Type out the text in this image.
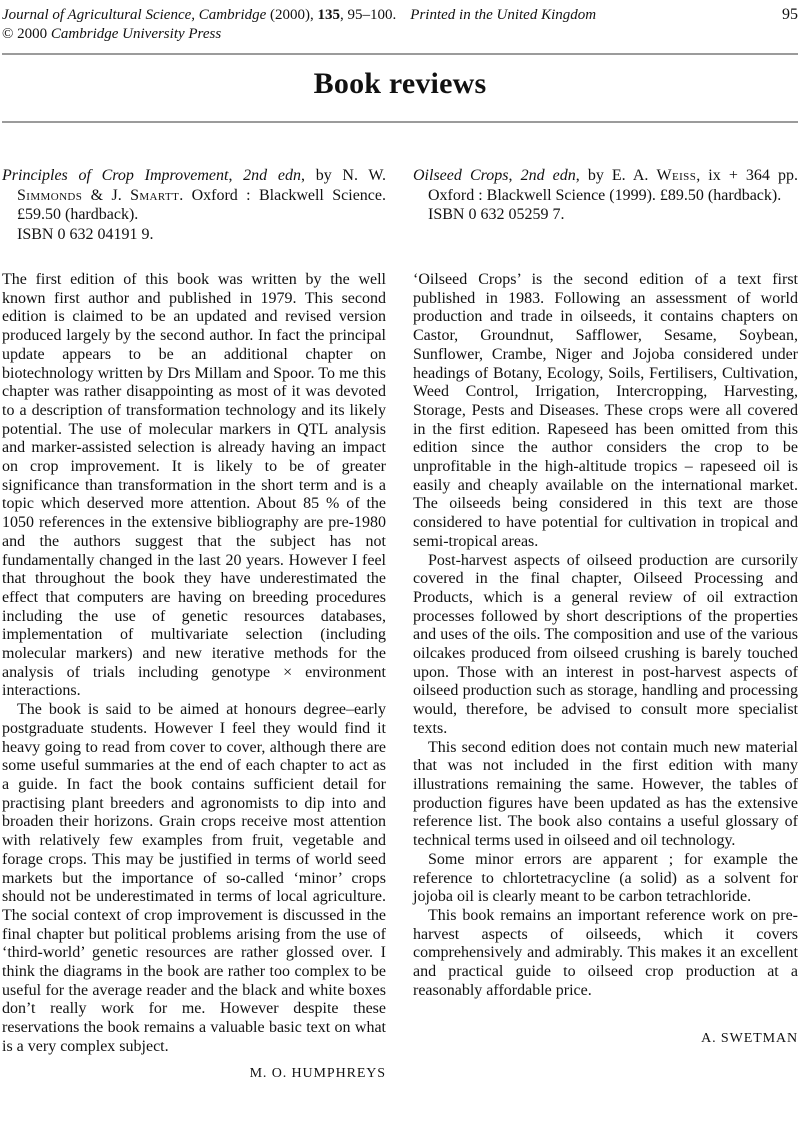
Journal of Agricultural Science, Cambridge (2000), 135, 95–100. Printed in the United Kingdom	95
© 2000 Cambridge University Press
Book reviews
Principles of Crop Improvement, 2nd edn, by N. W. Simmonds & J. Smartt. Oxford : Blackwell Science. £59.50 (hardback).
ISBN 0 632 04191 9.

The first edition of this book was written by the well known first author and published in 1979. This second edition is claimed to be an updated and revised version produced largely by the second author. In fact the principal update appears to be an additional chapter on biotechnology written by Drs Millam and Spoor. To me this chapter was rather disappointing as most of it was devoted to a description of transformation technology and its likely potential. The use of molecular markers in QTL analysis and marker-assisted selection is already having an impact on crop improvement. It is likely to be of greater significance than transformation in the short term and is a topic which deserved more attention. About 85 % of the 1050 references in the extensive bibliography are pre-1980 and the authors suggest that the subject has not fundamentally changed in the last 20 years. However I feel that throughout the book they have underestimated the effect that computers are having on breeding procedures including the use of genetic resources databases, implementation of multivariate selection (including molecular markers) and new iterative methods for the analysis of trials including genotype × environment interactions.

The book is said to be aimed at honours degree–early postgraduate students. However I feel they would find it heavy going to read from cover to cover, although there are some useful summaries at the end of each chapter to act as a guide. In fact the book contains sufficient detail for practising plant breeders and agronomists to dip into and broaden their horizons. Grain crops receive most attention with relatively few examples from fruit, vegetable and forage crops. This may be justified in terms of world seed markets but the importance of so-called ‘minor’ crops should not be underestimated in terms of local agriculture. The social context of crop improvement is discussed in the final chapter but political problems arising from the use of ‘third-world’ genetic resources are rather glossed over. I think the diagrams in the book are rather too complex to be useful for the average reader and the black and white boxes don’t really work for me. However despite these reservations the book remains a valuable basic text on what is a very complex subject.

M. O. HUMPHREYS
Oilseed Crops, 2nd edn, by E. A. Weiss, ix + 364 pp. Oxford : Blackwell Science (1999). £89.50 (hardback).
ISBN 0 632 05259 7.

‘Oilseed Crops’ is the second edition of a text first published in 1983. Following an assessment of world production and trade in oilseeds, it contains chapters on Castor, Groundnut, Safflower, Sesame, Soybean, Sunflower, Crambe, Niger and Jojoba considered under headings of Botany, Ecology, Soils, Fertilisers, Cultivation, Weed Control, Irrigation, Intercropping, Harvesting, Storage, Pests and Diseases. These crops were all covered in the first edition. Rapeseed has been omitted from this edition since the author considers the crop to be unprofitable in the high-altitude tropics – rapeseed oil is easily and cheaply available on the international market. The oilseeds being considered in this text are those considered to have potential for cultivation in tropical and semi-tropical areas.

Post-harvest aspects of oilseed production are cursorily covered in the final chapter, Oilseed Processing and Products, which is a general review of oil extraction processes followed by short descriptions of the properties and uses of the oils. The composition and use of the various oilcakes produced from oilseed crushing is barely touched upon. Those with an interest in post-harvest aspects of oilseed production such as storage, handling and processing would, therefore, be advised to consult more specialist texts.

This second edition does not contain much new material that was not included in the first edition with many illustrations remaining the same. However, the tables of production figures have been updated as has the extensive reference list. The book also contains a useful glossary of technical terms used in oilseed and oil technology.

Some minor errors are apparent ; for example the reference to chlortetracycline (a solid) as a solvent for jojoba oil is clearly meant to be carbon tetrachloride.

This book remains an important reference work on pre-harvest aspects of oilseeds, which it covers comprehensively and admirably. This makes it an excellent and practical guide to oilseed crop production at a reasonably affordable price.

A. SWETMAN
